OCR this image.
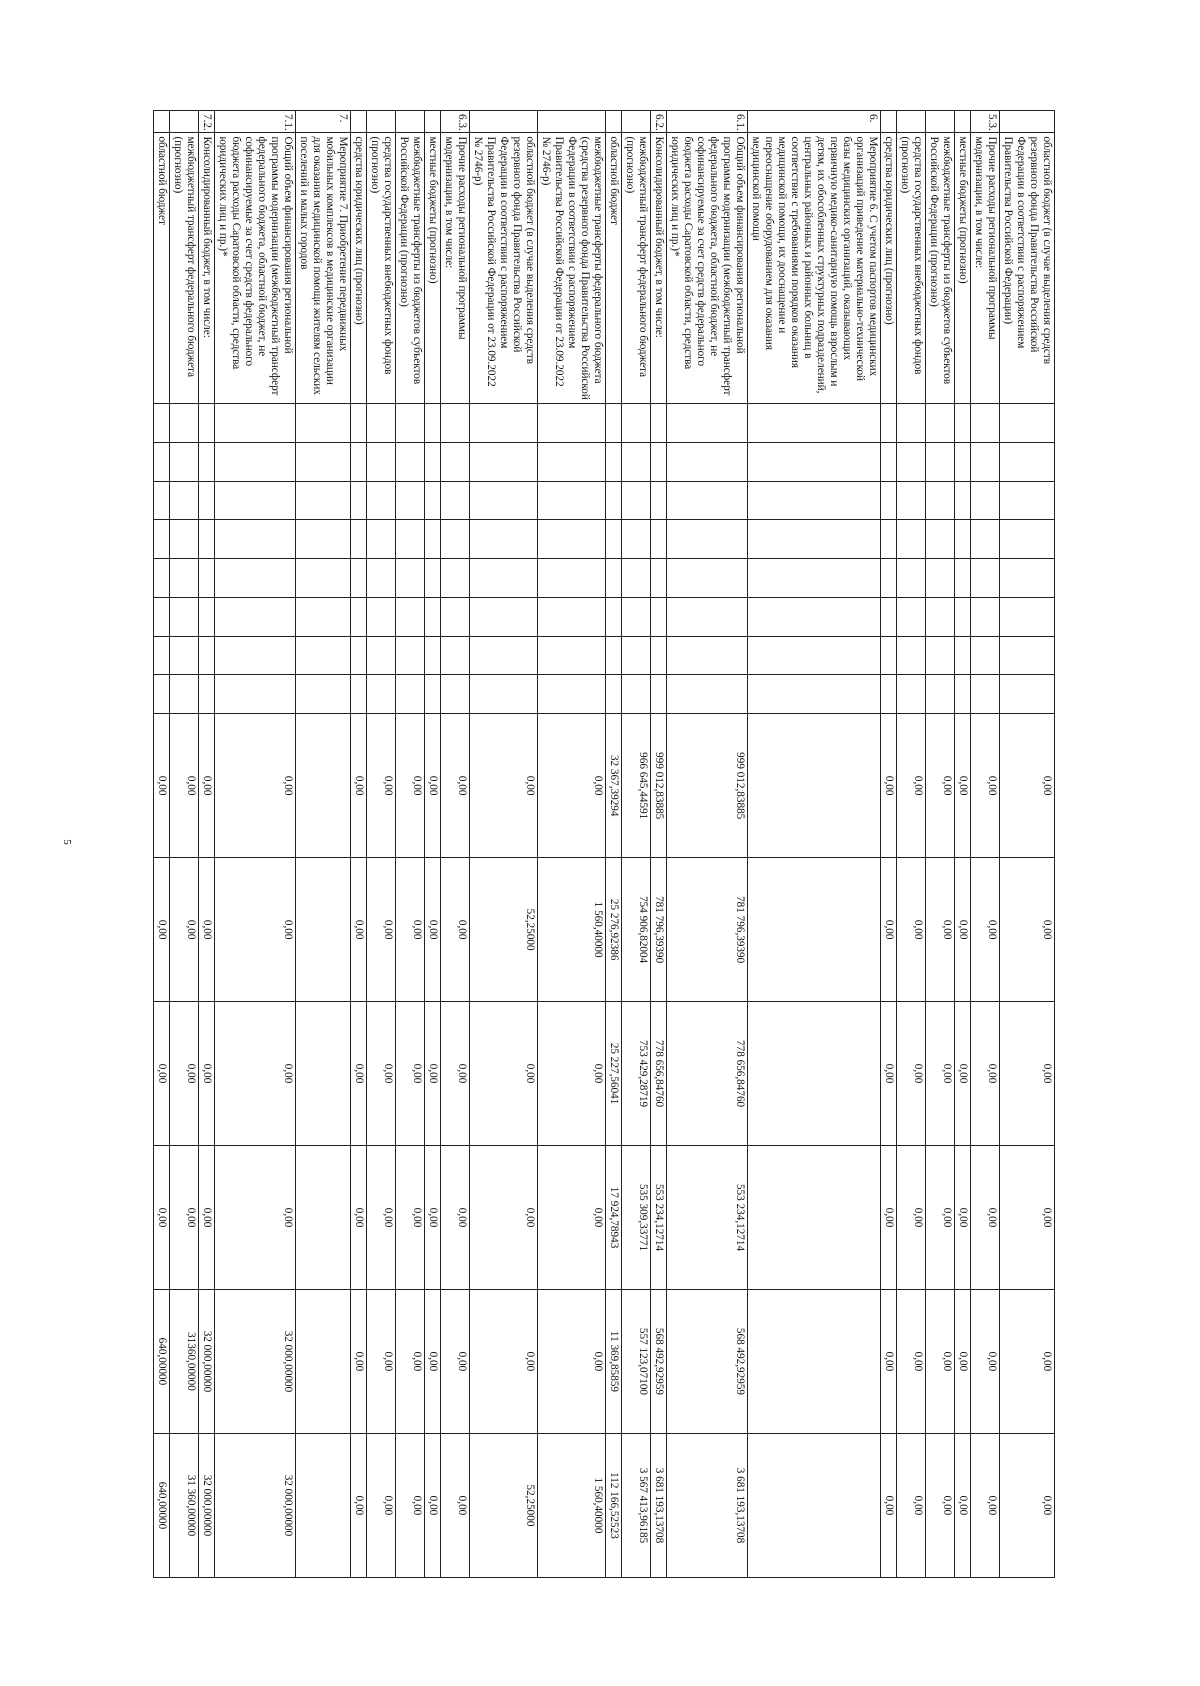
5
	областной бюджет (в случае выделения средств резервного фонда Правительства Российской Федерации в соответствии с распоряжением Правительства Российской Федерации)									0,00	0,00	0,00	0,00	0,00	0,00
5.3.	Прочие расходы региональной программы модернизации, в том числе:									0,00	0,00	0,00	0,00	0,00	0,00
	местные бюджеты (прогнозно)									0,00	0,00	0,00	0,00	0,00	0,00
	межбюджетные трансферты из бюджетов субъектов Российской Федерации (прогнозно)									0,00	0,00	0,00	0,00	0,00	0,00
	средства государственных внебюджетных фондов (прогнозно)									0,00	0,00	0,00	0,00	0,00	0,00
	средства юридических лиц (прогнозно)									0,00	0,00	0,00	0,00	0,00	0,00
6.	Мероприятие 6. С учетом паспортов медицинских организаций приведение материально-технической базы медицинских организаций, оказывающих первичную медико-санитарную помощь взрослым и детям, их обособленных структурных подразделений, центральных районных и районных больниц в соответствие с требованиями порядков оказания медицинской помощи, их дооснащение и переоснащение оборудованием для оказания медицинской помощи														
6.1.	Общий объем финансирования региональной программы модернизации (межбюджетный трансферт федерального бюджета, областной бюджет, не софинансируемые за счет средств федерального бюджета расходы Саратовской области, средства юридических лиц и пр.)*									999 012,83885	781 796,39390	778 656,84760	553 234,12714	568 492,92959	3 681 193,13708
6.2.	Консолидированный бюджет, в том числе:									999 012,83885	781 796,39390	778 656,84760	553 234,12714	568 492,92959	3 681 193,13708
	межбюджетный трансферт федерального бюджета (прогнозно)									966 645,44591	754 906,82004	753 429,28719	535 309,33771	557 123,07100	3 567 413,96185
	областной бюджет									32 367,39294	25 276,92386	25 227,56041	17 924,78943	11 369,85859	112 166,52523
	межбюджетные трансферты федерального бюджета (средства резервного фонда Правительства Российской Федерации в соответствии с распоряжением Правительства Российской Федерации от 23.09.2022 № 2746-р)									0,00	1 560,40000	0,00	0,00	0,00	1 560,40000
	областной бюджет (в случае выделения средств резервного фонда Правительства Российской Федерации в соответствии с распоряжением Правительства Российской Федерации от 23.09.2022 № 2746-р)									0,00	52,25000	0,00	0,00	0,00	52,25000
6.3.	Прочие расходы региональной программы модернизации, в том числе:									0,00	0,00	0,00	0,00	0,00	0,00
	местные бюджеты (прогнозно)									0,00	0,00	0,00	0,00	0,00	0,00
	межбюджетные трансферты из бюджетов субъектов Российской Федерации (прогнозно)									0,00	0,00	0,00	0,00	0,00	0,00
	средства государственных внебюджетных фондов (прогнозно)									0,00	0,00	0,00	0,00	0,00	0,00
	средства юридических лиц (прогнозно)									0,00	0,00	0,00	0,00	0,00	0,00
7.	Мероприятие 7. Приобретение передвижных мобильных комплексов в медицинские организации для оказания медицинской помощи жителям сельских поселений и малых городов														
7.1.	Общий объем финансирования региональной программы модернизации (межбюджетный трансферт федерального бюджета, областной бюджет, не софинансируемые за счет средств федерального бюджета расходы Саратовской области, средства юридических лиц и пр.)*									0,00	0,00	0,00	0,00	32 000,00000	32 000,00000
7.2.	Консолидированный бюджет, в том числе:									0,00	0,00	0,00	0,00	32 000,00000	32 000,00000
	межбюджетный трансферт федерального бюджета (прогнозно)									0,00	0,00	0,00	0,00	31360,00000	31 360,00000
	областной бюджет									0,00	0,00	0,00	0,00	640,00000	640,00000
